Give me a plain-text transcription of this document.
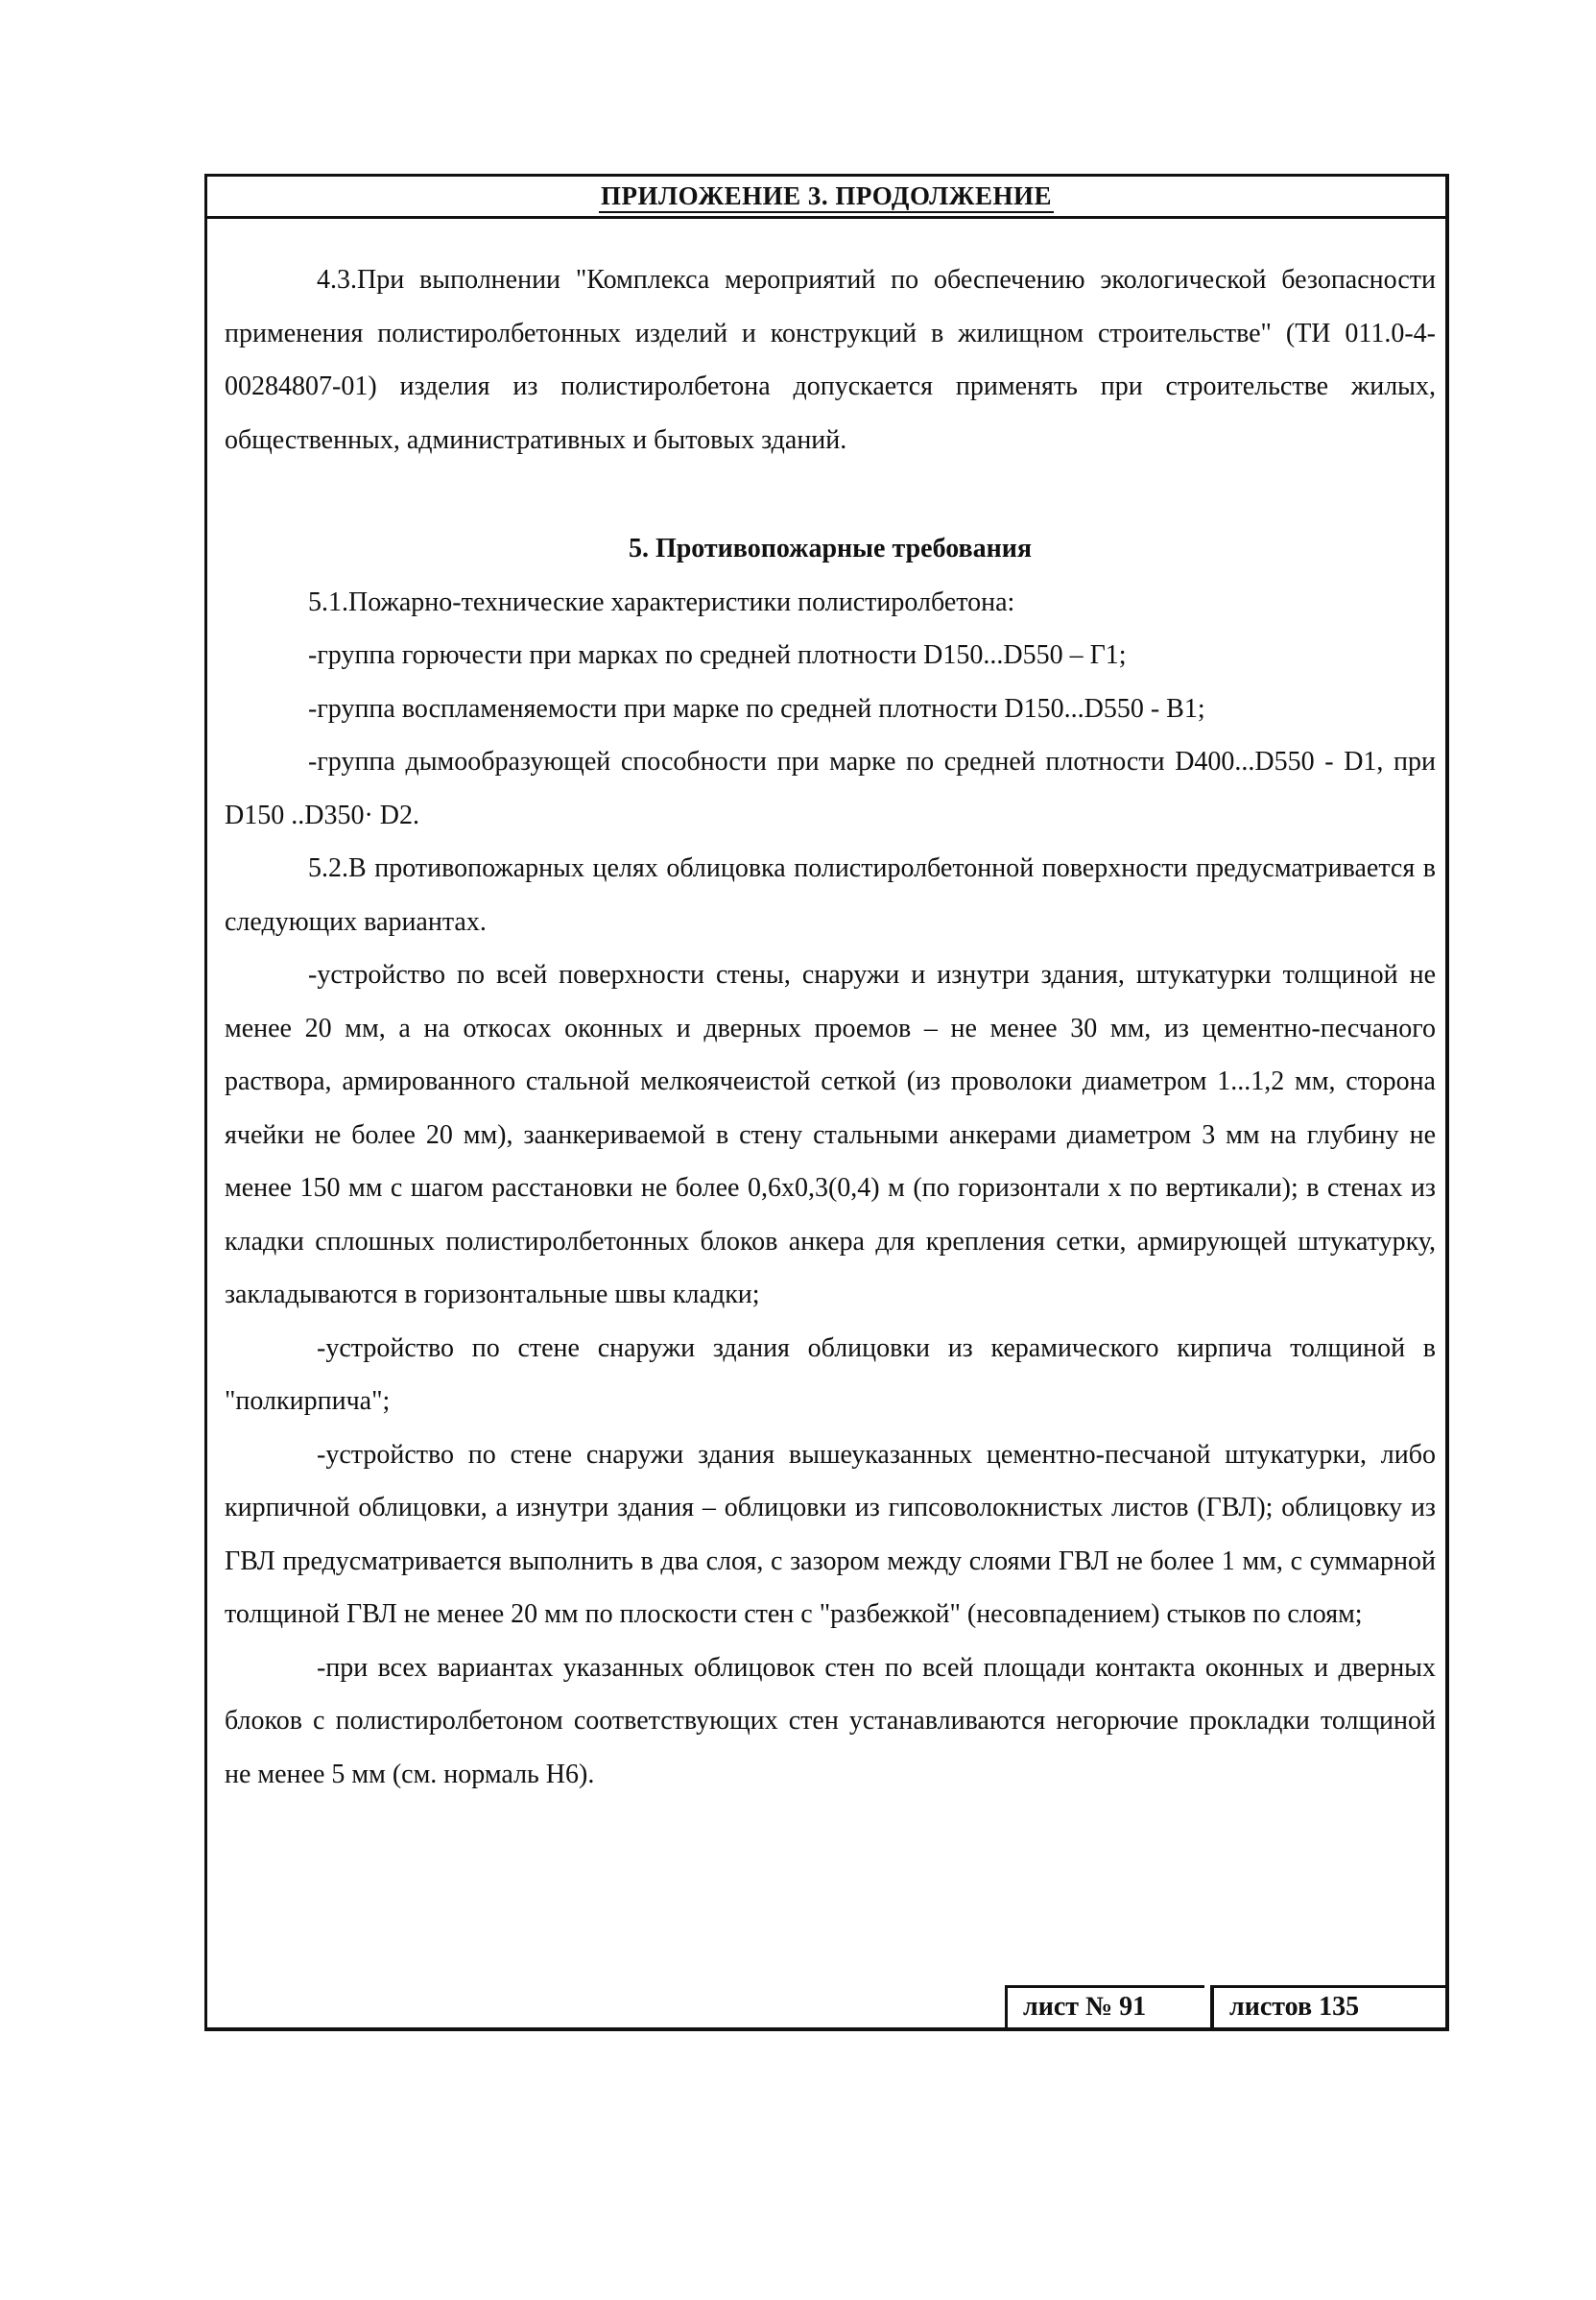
ПРИЛОЖЕНИЕ 3. ПРОДОЛЖЕНИЕ

4.3.При выполнении "Комплекса мероприятий по обеспечению экологической безопасности применения полистиролбетонных изделий и конструкций в жилищном строительстве" (ТИ 011.0-4-00284807-01) изделия из полистиролбетона допускается применять при строительстве жилых, общественных, административных и бытовых зданий.

5. Противопожарные требования

5.1.Пожарно-технические характеристики полистиролбетона:

-группа горючести при марках по средней плотности D150...D550 – Г1;

-группа воспламеняемости при марке по средней плотности D150...D550 - B1;

-группа дымообразующей способности при марке по средней плотности D400...D550 - D1, при D150 ..D350· D2.

5.2.В противопожарных целях облицовка полистиролбетонной поверхности предусматривается в следующих вариантах.

-устройство по всей поверхности стены, снаружи и изнутри здания, штукатурки толщиной не менее 20 мм, а на откосах оконных и дверных проемов – не менее 30 мм, из цементно-песчаного раствора, армированного стальной мелкоячеистой сеткой (из проволоки диаметром 1...1,2 мм, сторона ячейки не более 20 мм), заанкериваемой в стену стальными анкерами диаметром 3 мм на глубину не менее 150 мм с шагом расстановки не более 0,6х0,3(0,4) м (по горизонтали х по вертикали); в стенах из кладки сплошных полистиролбетонных блоков анкера для крепления сетки, армирующей штукатурку, закладываются в горизонтальные швы кладки;

-устройство по стене снаружи здания облицовки из керамического кирпича толщиной в "полкирпича";

-устройство по стене снаружи здания вышеуказанных цементно-песчаной штукатурки, либо кирпичной облицовки, а изнутри здания – облицовки из гипсоволокнистых листов (ГВЛ); облицовку из ГВЛ предусматривается выполнить в два слоя, с зазором между слоями ГВЛ не более 1 мм, с суммарной толщиной ГВЛ не менее 20 мм по плоскости стен с "разбежкой" (несовпадением) стыков по слоям;

-при всех вариантах указанных облицовок стен по всей площади контакта оконных и дверных блоков с полистиролбетоном соответствующих стен устанавливаются негорючие прокладки толщиной не менее 5 мм (см. нормаль Н6).

лист № 91	листов 135
